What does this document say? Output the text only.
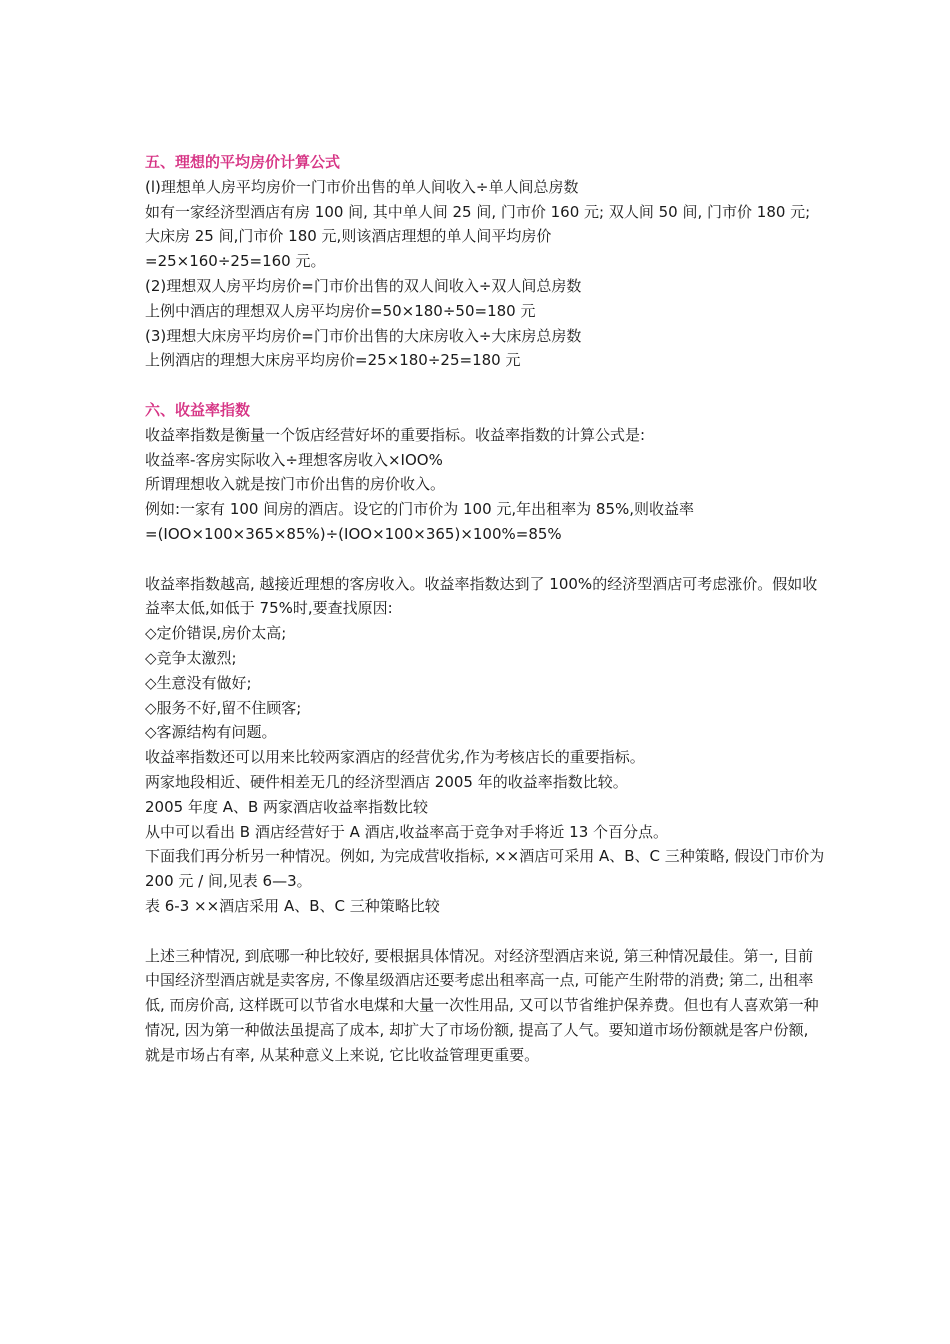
五、理想的平均房价计算公式

(l)理想单人房平均房价一门市价出售的单人间收入÷单人间总房数

如有一家经济型酒店有房 100 间, 其中单人间 25 间, 门市价 160 元; 双人间 50 间, 门市价 180 元;大床房 25 间,门市价 180 元,则该酒店理想的单人间平均房价

=25×160÷25=160 元。

(2)理想双人房平均房价=门市价出售的双人间收入÷双人间总房数

上例中酒店的理想双人房平均房价=50×180÷50=180 元

(3)理想大床房平均房价=门市价出售的大床房收入÷大床房总房数

上例酒店的理想大床房平均房价=25×180÷25=180 元

六、收益率指数

收益率指数是衡量一个饭店经营好坏的重要指标。收益率指数的计算公式是:

收益率-客房实际收入÷理想客房收入×IOO%

所谓理想收入就是按门市价出售的房价收入。

例如:一家有 100 间房的酒店。设它的门市价为 100 元,年出租率为 85%,则收益率

=(IOO×100×365×85%)÷(IOO×100×365)×100%=85%

收益率指数越高, 越接近理想的客房收入。收益率指数达到了 100%的经济型酒店可考虑涨价。假如收益率太低,如低于 75%时,要查找原因:

◇定价错误,房价太高;

◇竞争太激烈;

◇生意没有做好;

◇服务不好,留不住顾客;

◇客源结构有问题。

收益率指数还可以用来比较两家酒店的经营优劣,作为考核店长的重要指标。

两家地段相近、硬件相差无几的经济型酒店 2005 年的收益率指数比较。

2005 年度 A、B 两家酒店收益率指数比较

从中可以看出 B 酒店经营好于 A 酒店,收益率高于竞争对手将近 13 个百分点。

下面我们再分析另一种情况。例如, 为完成营收指标, ××酒店可采用 A、B、C 三种策略, 假设门市价为 200 元 / 间,见表 6—3。

表 6-3 ××酒店采用 A、B、C 三种策略比较

上述三种情况, 到底哪一种比较好, 要根据具体情况。对经济型酒店来说, 第三种情况最佳。第一, 目前中国经济型酒店就是卖客房, 不像星级酒店还要考虑出租率高一点, 可能产生附带的消费; 第二, 出租率低, 而房价高, 这样既可以节省水电煤和大量一次性用品, 又可以节省维护保养费。但也有人喜欢第一种情况, 因为第一种做法虽提高了成本, 却扩大了市场份额, 提高了人气。要知道市场份额就是客户份额, 就是市场占有率, 从某种意义上来说, 它比收益管理更重要。
